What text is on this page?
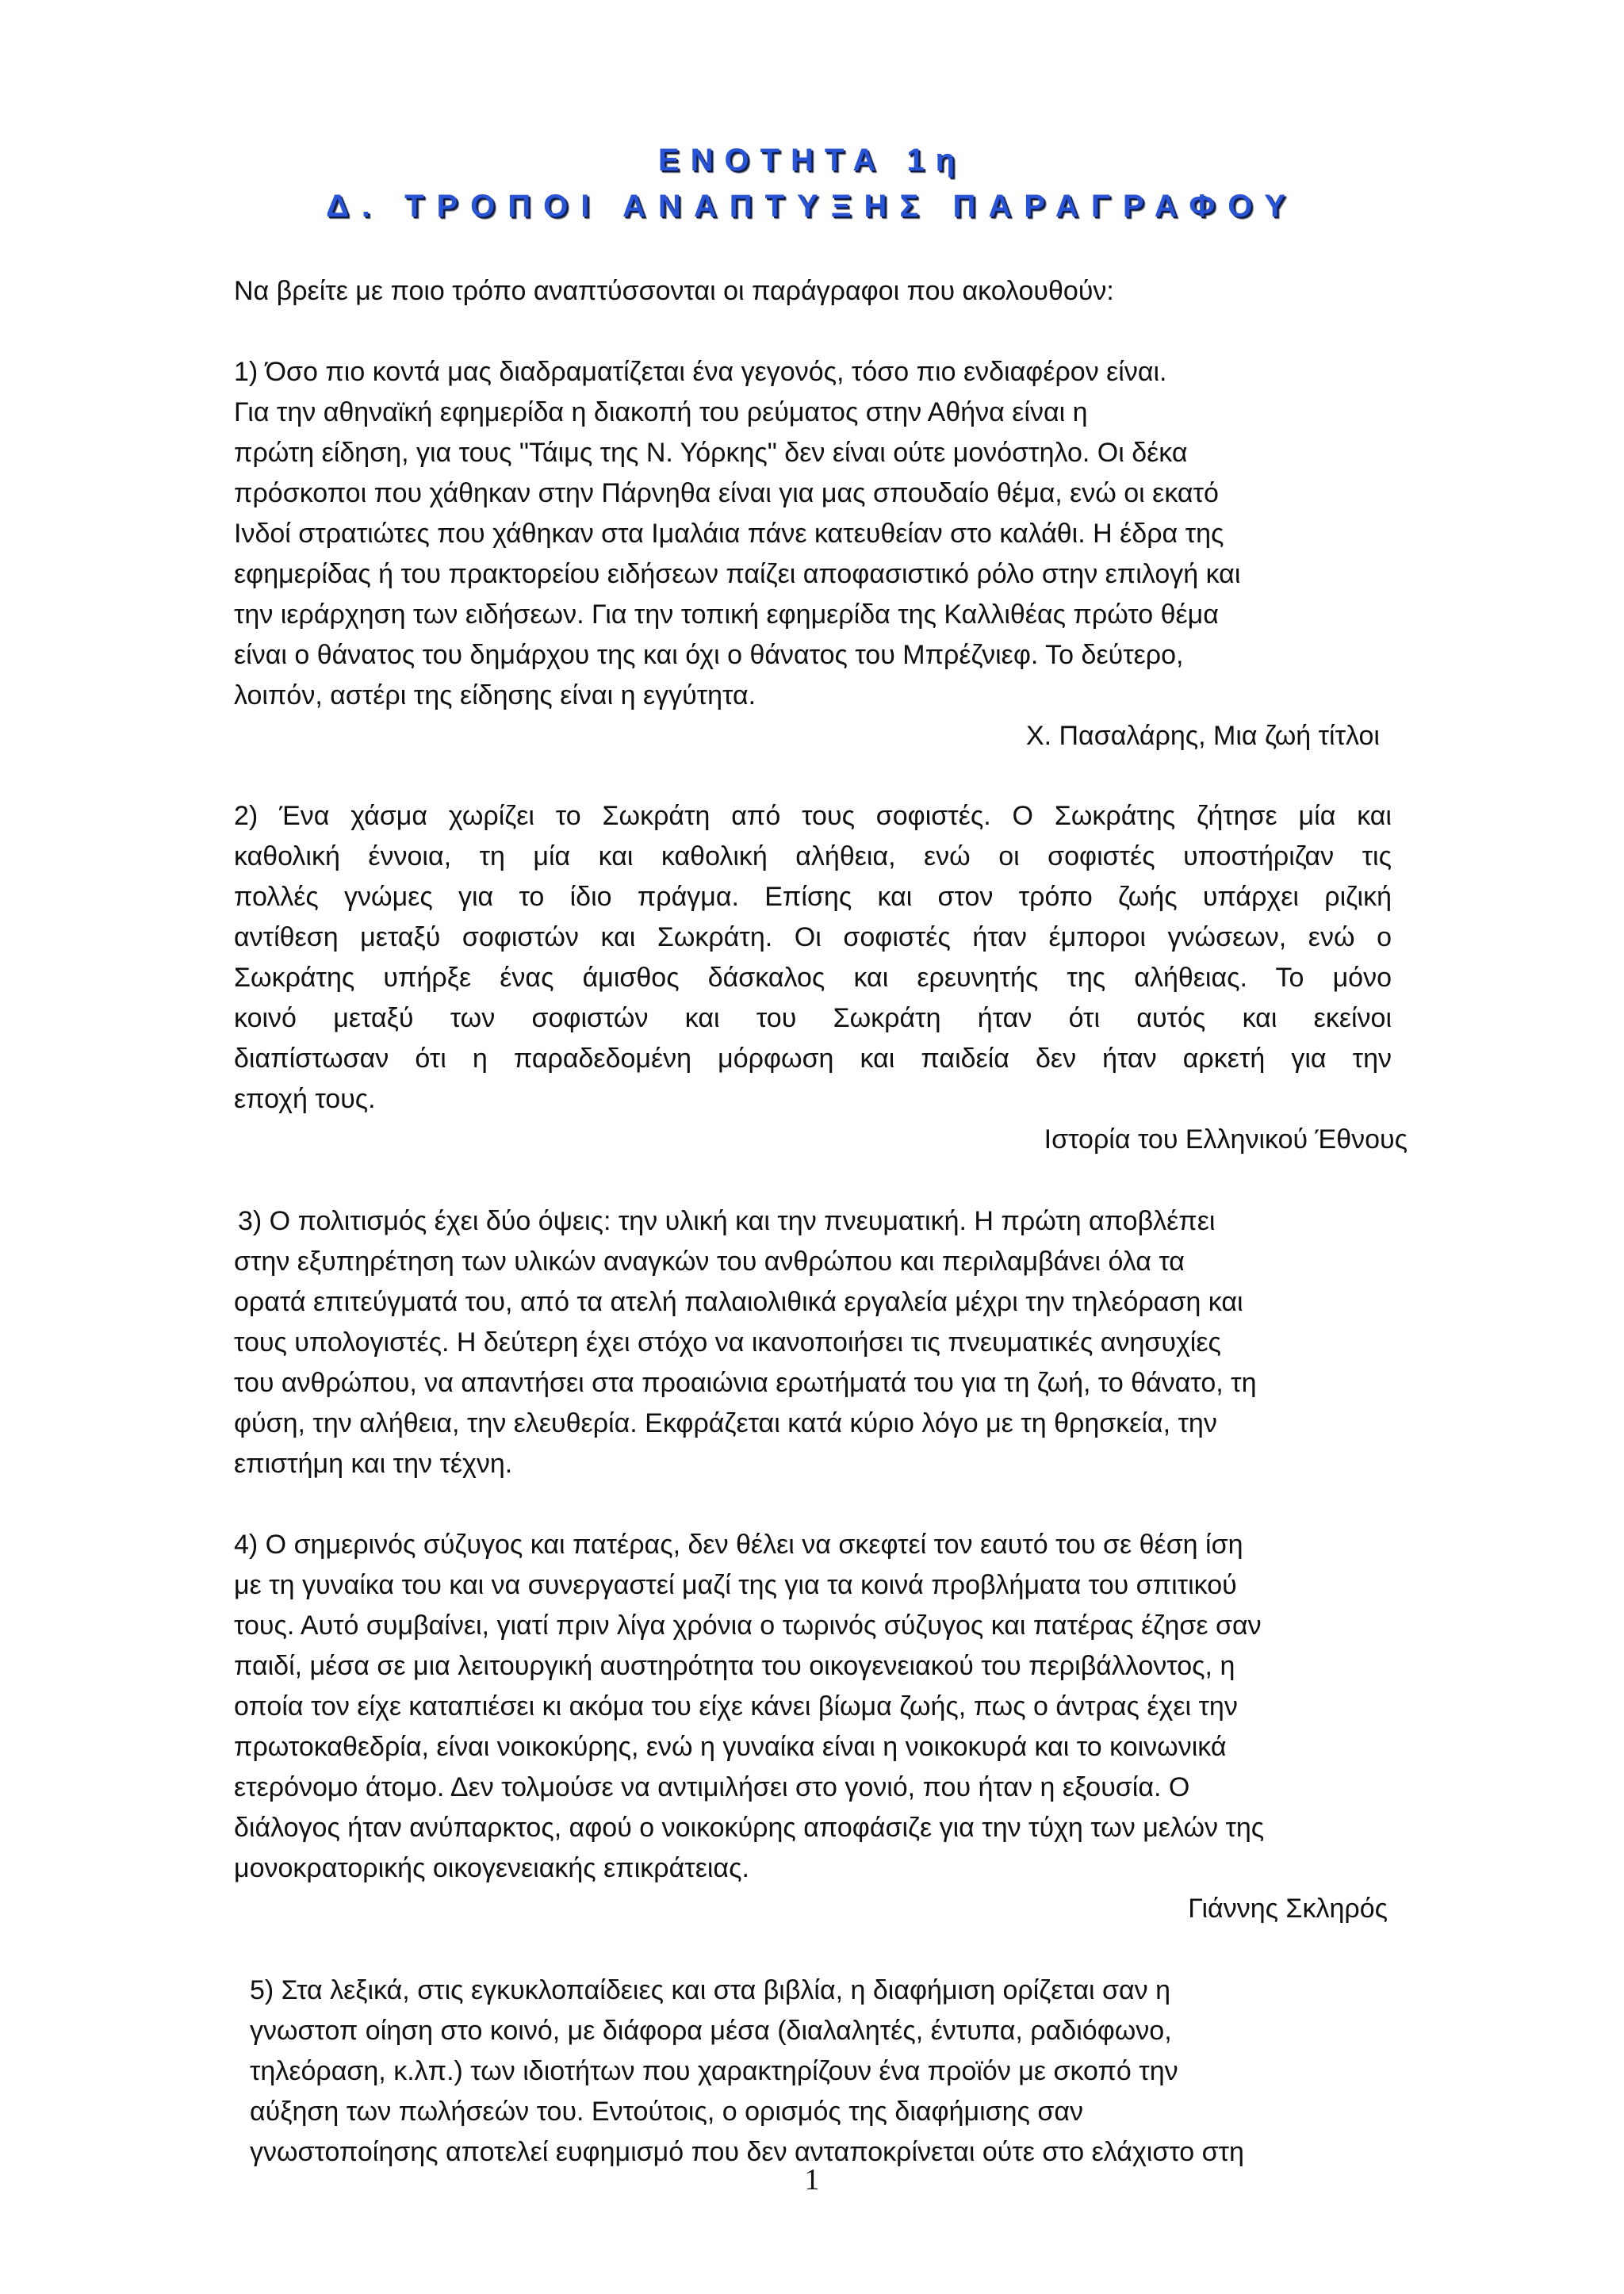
ΕΝΟΤΗΤΑ 1η
Δ. ΤΡΟΠΟΙ ΑΝΑΠΤΥΞΗΣ ΠΑΡΑΓΡΑΦΟΥ
Να βρείτε με ποιο τρόπο αναπτύσσονται οι παράγραφοι που ακολουθούν:
1) Όσο πιο κοντά μας διαδραματίζεται ένα γεγονός, τόσο πιο ενδιαφέρον είναι.
Για την αθηναϊκή εφημερίδα η διακοπή του ρεύματος στην Αθήνα είναι η
πρώτη είδηση, για τους "Τάιμς της Ν. Υόρκης" δεν είναι ούτε μονόστηλο. Οι δέκα
πρόσκοποι που χάθηκαν στην Πάρνηθα είναι για μας σπουδαίο θέμα, ενώ οι εκατό
Ινδοί στρατιώτες που χάθηκαν στα Ιμαλάια πάνε κατευθείαν στο καλάθι. Η έδρα της
εφημερίδας ή του πρακτορείου ειδήσεων παίζει αποφασιστικό ρόλο στην επιλογή και
την ιεράρχηση των ειδήσεων. Για την τοπική εφημερίδα της Καλλιθέας πρώτο θέμα
είναι ο θάνατος του δημάρχου της και όχι ο θάνατος του Μπρέζνιεφ. Το δεύτερο,
λοιπόν, αστέρι της είδησης είναι η εγγύτητα.
Χ. Πασαλάρης, Μια ζωή τίτλοι
2) Ένα χάσμα χωρίζει το Σωκράτη από τους σοφιστές. Ο Σωκράτης ζήτησε μία και
καθολική έννοια, τη μία και καθολική αλήθεια, ενώ οι σοφιστές υποστήριζαν τις
πολλές γνώμες για το ίδιο πράγμα. Επίσης και στον τρόπο ζωής υπάρχει ριζική
αντίθεση μεταξύ σοφιστών και Σωκράτη. Οι σοφιστές ήταν έμποροι γνώσεων, ενώ ο
Σωκράτης υπήρξε ένας άμισθος δάσκαλος και ερευνητής της αλήθειας. Το μόνο
κοινό μεταξύ των σοφιστών και του Σωκράτη ήταν ότι αυτός και εκείνοι
διαπίστωσαν ότι η παραδεδομένη μόρφωση και παιδεία δεν ήταν αρκετή για την
εποχή τους.
Ιστορία του Ελληνικού Έθνους
3) Ο πολιτισμός έχει δύο όψεις: την υλική και την πνευματική. Η πρώτη αποβλέπει
στην εξυπηρέτηση των υλικών αναγκών του ανθρώπου και περιλαμβάνει όλα τα
ορατά επιτεύγματά του, από τα ατελή παλαιολιθικά εργαλεία μέχρι την τηλεόραση και
τους υπολογιστές. Η δεύτερη έχει στόχο να ικανοποιήσει τις πνευματικές ανησυχίες
του ανθρώπου, να απαντήσει στα προαιώνια ερωτήματά του για τη ζωή, το θάνατο, τη
φύση, την αλήθεια, την ελευθερία. Εκφράζεται κατά κύριο λόγο με τη θρησκεία, την
επιστήμη και την τέχνη.
4) Ο σημερινός σύζυγος και πατέρας, δεν θέλει να σκεφτεί τον εαυτό του σε θέση ίση
με τη γυναίκα του και να συνεργαστεί μαζί της για τα κοινά προβλήματα του σπιτικού
τους. Αυτό συμβαίνει, γιατί πριν λίγα χρόνια ο τωρινός σύζυγος και πατέρας έζησε σαν
παιδί, μέσα σε μια λειτουργική αυστηρότητα του οικογενειακού του περιβάλλοντος, η
οποία τον είχε καταπιέσει κι ακόμα του είχε κάνει βίωμα ζωής, πως ο άντρας έχει την
πρωτοκαθεδρία, είναι νοικοκύρης, ενώ η γυναίκα είναι η νοικοκυρά και το κοινωνικά
ετερόνομο άτομο. Δεν τολμούσε να αντιμιλήσει στο γονιό, που ήταν η εξουσία. Ο
διάλογος ήταν ανύπαρκτος, αφού ο νοικοκύρης αποφάσιζε για την τύχη των μελών της
μονοκρατορικής οικογενειακής επικράτειας.
Γιάννης Σκληρός
5) Στα λεξικά, στις εγκυκλοπαίδειες και στα βιβλία, η διαφήμιση ορίζεται σαν η
γνωστοπ οίηση στο κοινό, με διάφορα μέσα (διαλαλητές, έντυπα, ραδιόφωνο,
τηλεόραση, κ.λπ.) των ιδιοτήτων που χαρακτηρίζουν ένα προϊόν με σκοπό την
αύξηση των πωλήσεών του. Εντούτοις, ο ορισμός της διαφήμισης σαν
γνωστοποίησης αποτελεί ευφημισμό που δεν ανταποκρίνεται ούτε στο ελάχιστο στη
1
